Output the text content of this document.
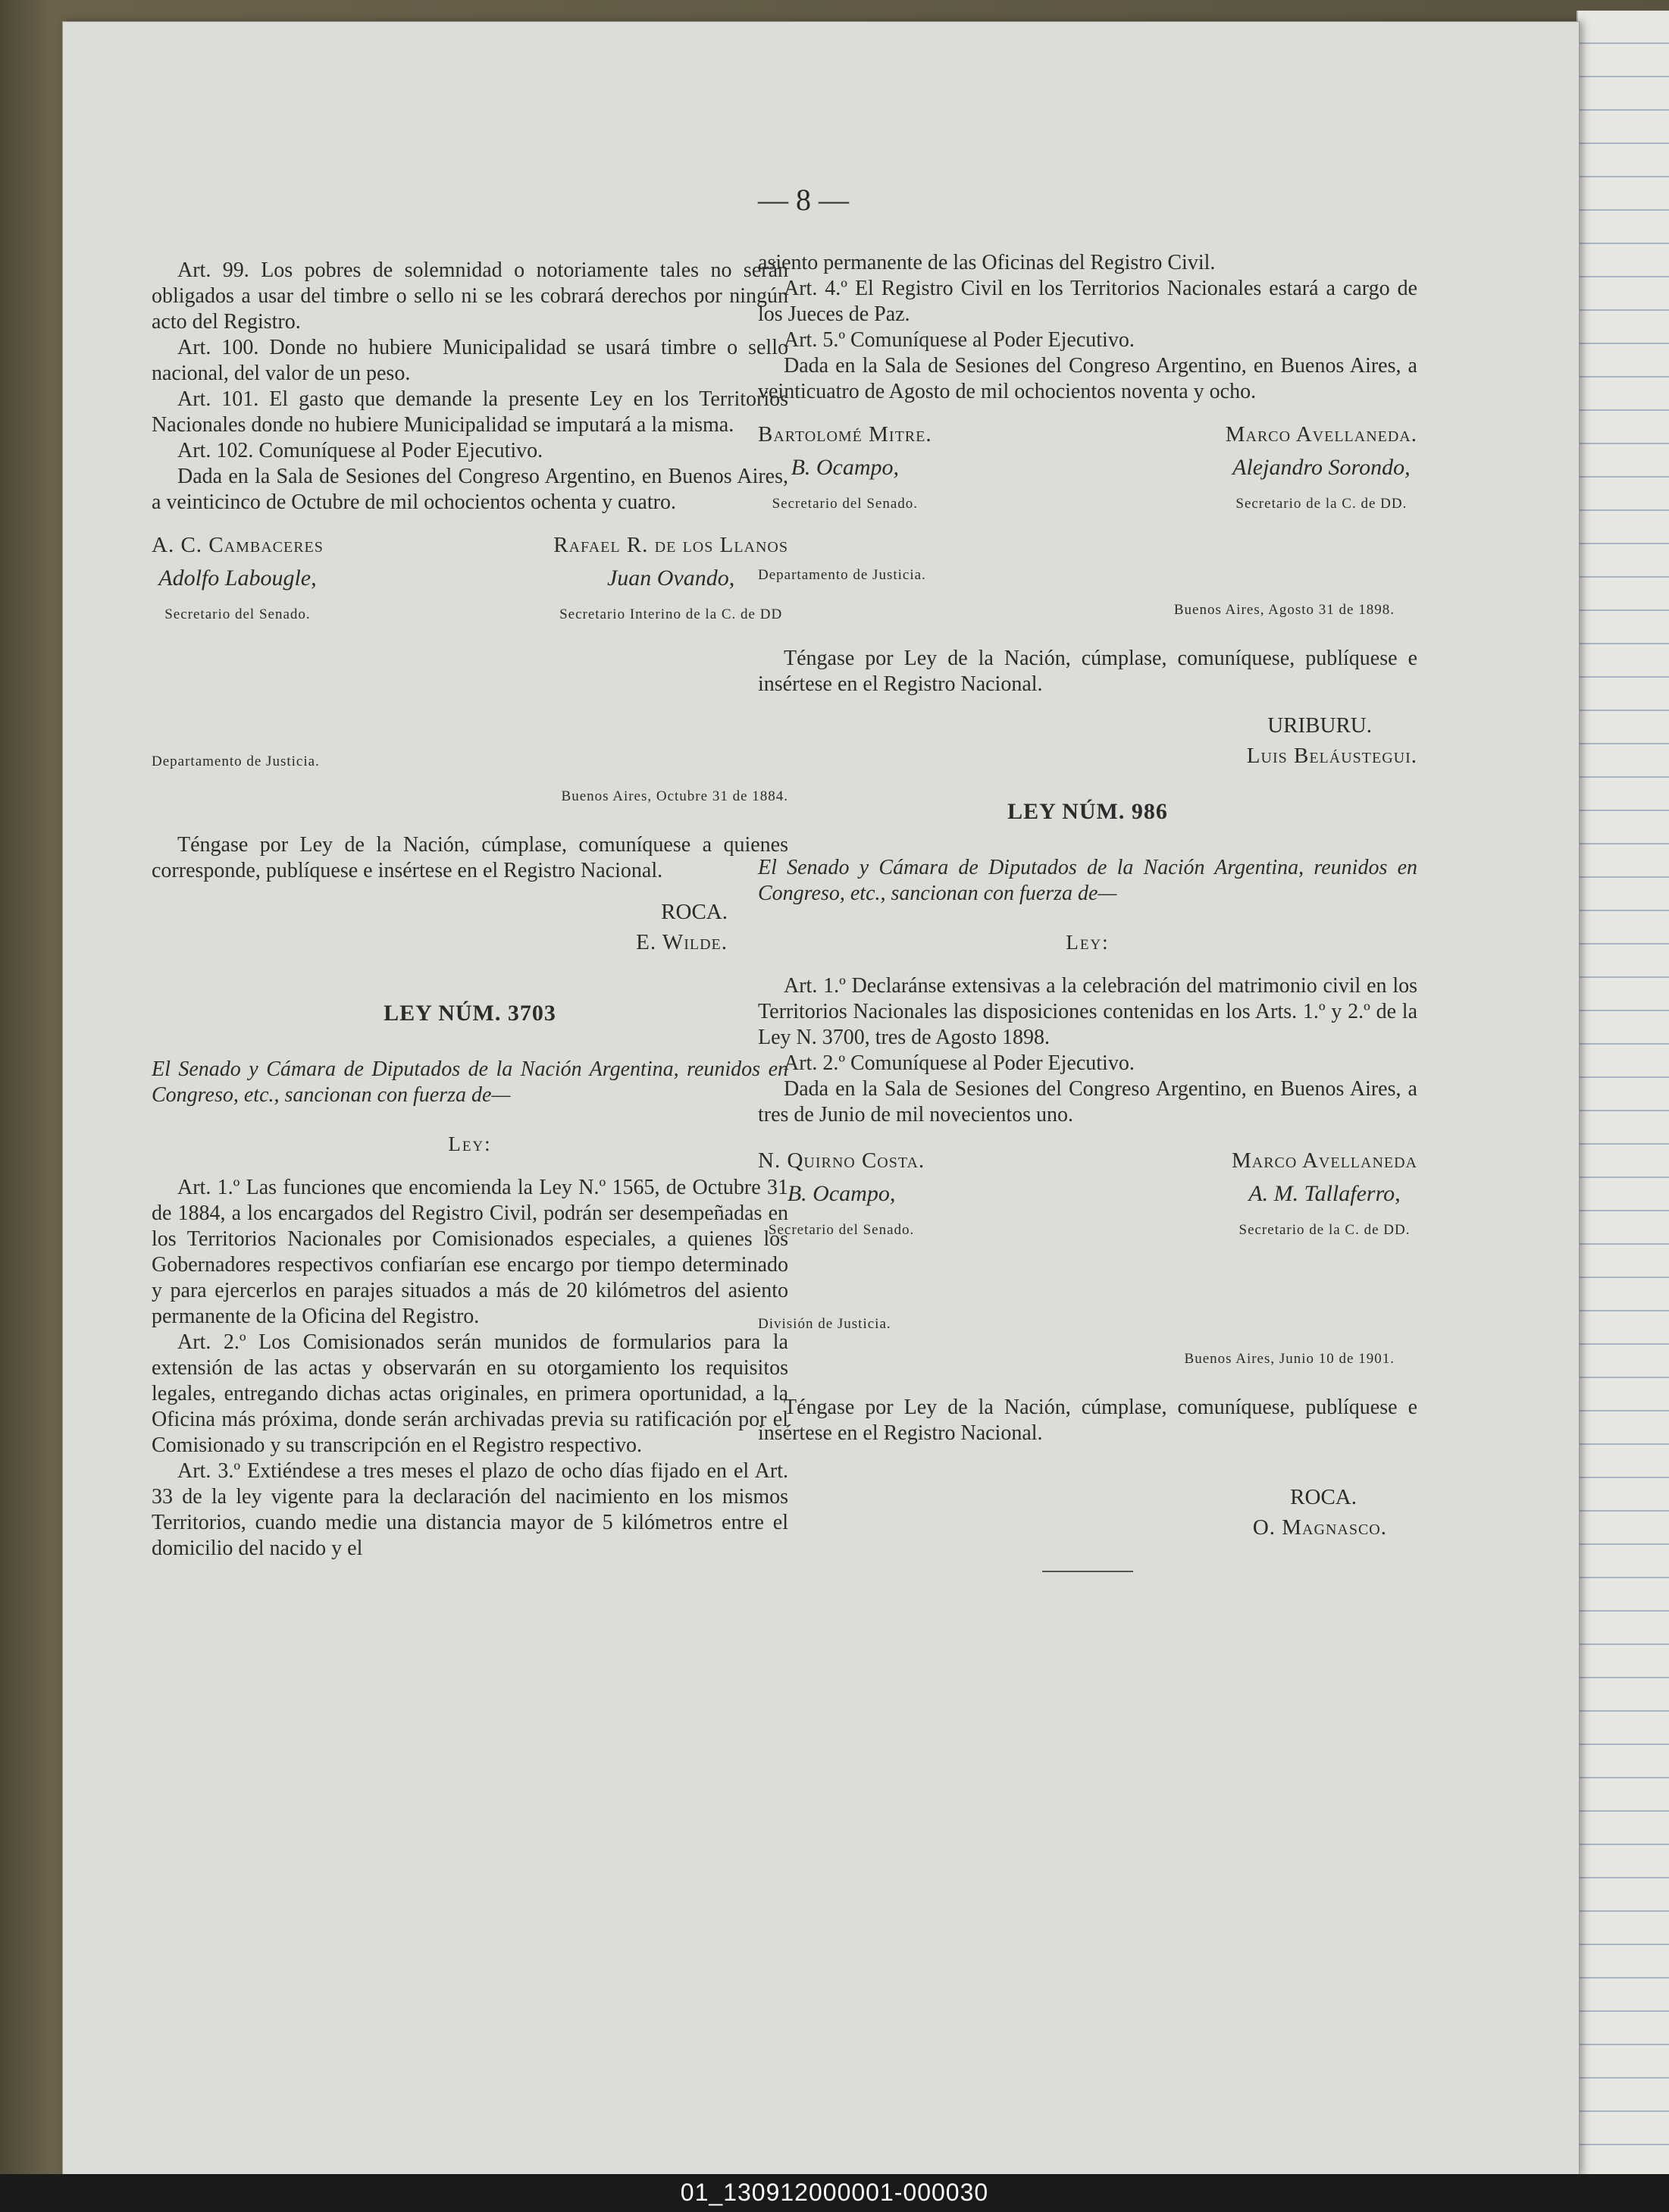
— 8 —

Art. 99. Los pobres de solemnidad o notoriamente tales no serán obligados a usar del timbre o sello ni se les cobrará derechos por ningún acto del Registro.

Art. 100. Donde no hubiere Municipalidad se usará timbre o sello nacional, del valor de un peso.

Art. 101. El gasto que demande la presente Ley en los Territorios Nacionales donde no hubiere Municipalidad se imputará a la misma.

Art. 102. Comuníquese al Poder Ejecutivo.

Dada en la Sala de Sesiones del Congreso Argentino, en Buenos Aires, a veinticinco de Octubre de mil ochocientos ochenta y cuatro.

A. C. Cambaceres
Adolfo Labougle,
Secretario del Senado.
Rafael R. de los Llanos
Juan Ovando,
Secretario Interino de la C. de DD
Departamento de Justicia.
Buenos Aires, Octubre 31 de 1884.

Téngase por Ley de la Nación, cúmplase, comuníquese a quienes corresponde, publíquese e insértese en el Registro Nacional.

ROCA.
E. Wilde.
LEY NÚM. 3703

El Senado y Cámara de Diputados de la Nación Argentina, reunidos en Congreso, etc., sancionan con fuerza de—

Ley:

Art. 1.º Las funciones que encomienda la Ley N.º 1565, de Octubre 31 de 1884, a los encargados del Registro Civil, podrán ser desempeñadas en los Territorios Nacionales por Comisionados especiales, a quienes los Gobernadores respectivos confiarían ese encargo por tiempo determinado y para ejercerlos en parajes situados a más de 20 kilómetros del asiento permanente de la Oficina del Registro.

Art. 2.º Los Comisionados serán munidos de formularios para la extensión de las actas y observarán en su otorgamiento los requisitos legales, entregando dichas actas originales, en primera oportunidad, a la Oficina más próxima, donde serán archivadas previa su ratificación por el Comisionado y su transcripción en el Registro respectivo.

Art. 3.º Extiéndese a tres meses el plazo de ocho días fijado en el Art. 33 de la ley vigente para la declaración del nacimiento en los mismos Territorios, cuando medie una distancia mayor de 5 kilómetros entre el domicilio del nacido y el

asiento permanente de las Oficinas del Registro Civil.

Art. 4.º El Registro Civil en los Territorios Nacionales estará a cargo de los Jueces de Paz.

Art. 5.º Comuníquese al Poder Ejecutivo.

Dada en la Sala de Sesiones del Congreso Argentino, en Buenos Aires, a veinticuatro de Agosto de mil ochocientos noventa y ocho.

Bartolomé Mitre.
B. Ocampo,
Secretario del Senado.
Marco Avellaneda.
Alejandro Sorondo,
Secretario de la C. de DD.
Departamento de Justicia.
Buenos Aires, Agosto 31 de 1898.

Téngase por Ley de la Nación, cúmplase, comuníquese, publíquese e insértese en el Registro Nacional.

URIBURU.
Luis Beláustegui.
LEY NÚM. 986

El Senado y Cámara de Diputados de la Nación Argentina, reunidos en Congreso, etc., sancionan con fuerza de—

Ley:

Art. 1.º Declaránse extensivas a la celebración del matrimonio civil en los Territorios Nacionales las disposiciones contenidas en los Arts. 1.º y 2.º de la Ley N. 3700, tres de Agosto 1898.

Art. 2.º Comuníquese al Poder Ejecutivo.

Dada en la Sala de Sesiones del Congreso Argentino, en Buenos Aires, a tres de Junio de mil novecientos uno.

N. Quirno Costa.
B. Ocampo,
Secretario del Senado.
Marco Avellaneda
A. M. Tallaferro,
Secretario de la C. de DD.
División de Justicia.
Buenos Aires, Junio 10 de 1901.

Téngase por Ley de la Nación, cúmplase, comuníquese, publíquese e insértese en el Registro Nacional.

ROCA.
O. Magnasco.
01_130912000001-000030
